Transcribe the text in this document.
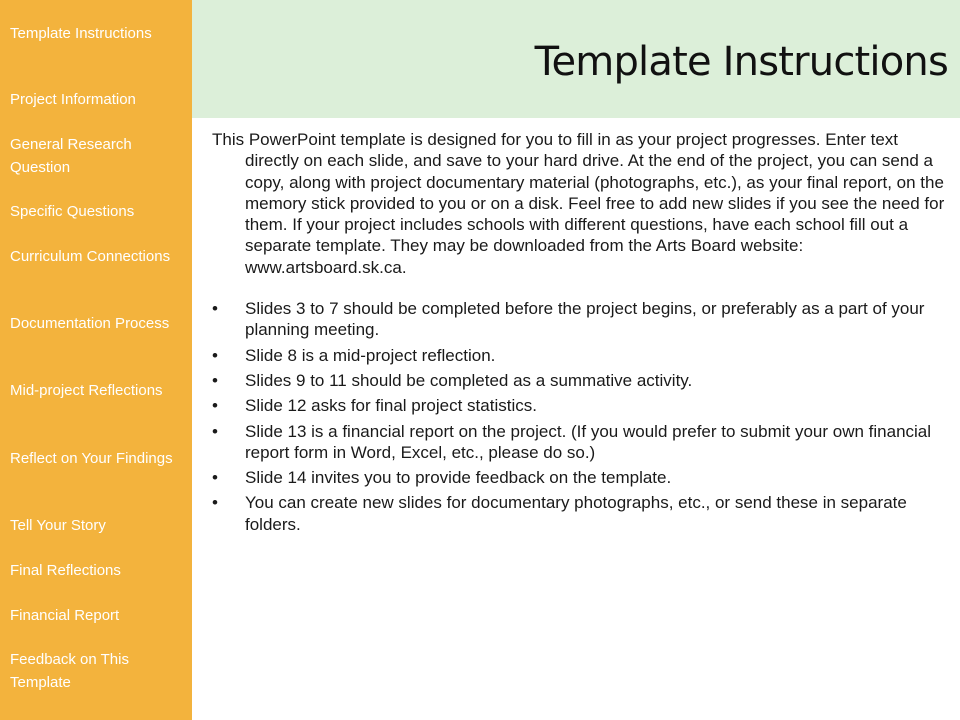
Template Instructions
Project Information
General Research Question
Specific Questions
Curriculum Connections
Documentation Process
Mid-project Reflections
Reflect on Your Findings
Tell Your Story
Final Reflections
Financial Report
Feedback on This Template
Template Instructions

This PowerPoint template is designed for you to fill in as your project progresses. Enter text directly on each slide, and save to your hard drive. At the end of the project, you can send a copy, along with project documentary material (photographs, etc.), as your final report, on the memory stick provided to you or on a disk. Feel free to add new slides if you see the need for them. If your project includes schools with different questions, have each school fill out a separate template. They may be downloaded from the Arts Board website: www.artsboard.sk.ca.

• Slides 3 to 7 should be completed before the project begins, or preferably as a part of your planning meeting.
• Slide 8 is a mid-project reflection.
• Slides 9 to 11 should be completed as a summative activity.
• Slide 12 asks for final project statistics.
• Slide 13 is a financial report on the project. (If you would prefer to submit your own financial report form in Word, Excel, etc., please do so.)
• Slide 14 invites you to provide feedback on the template.
• You can create new slides for documentary photographs, etc., or send these in separate folders.
